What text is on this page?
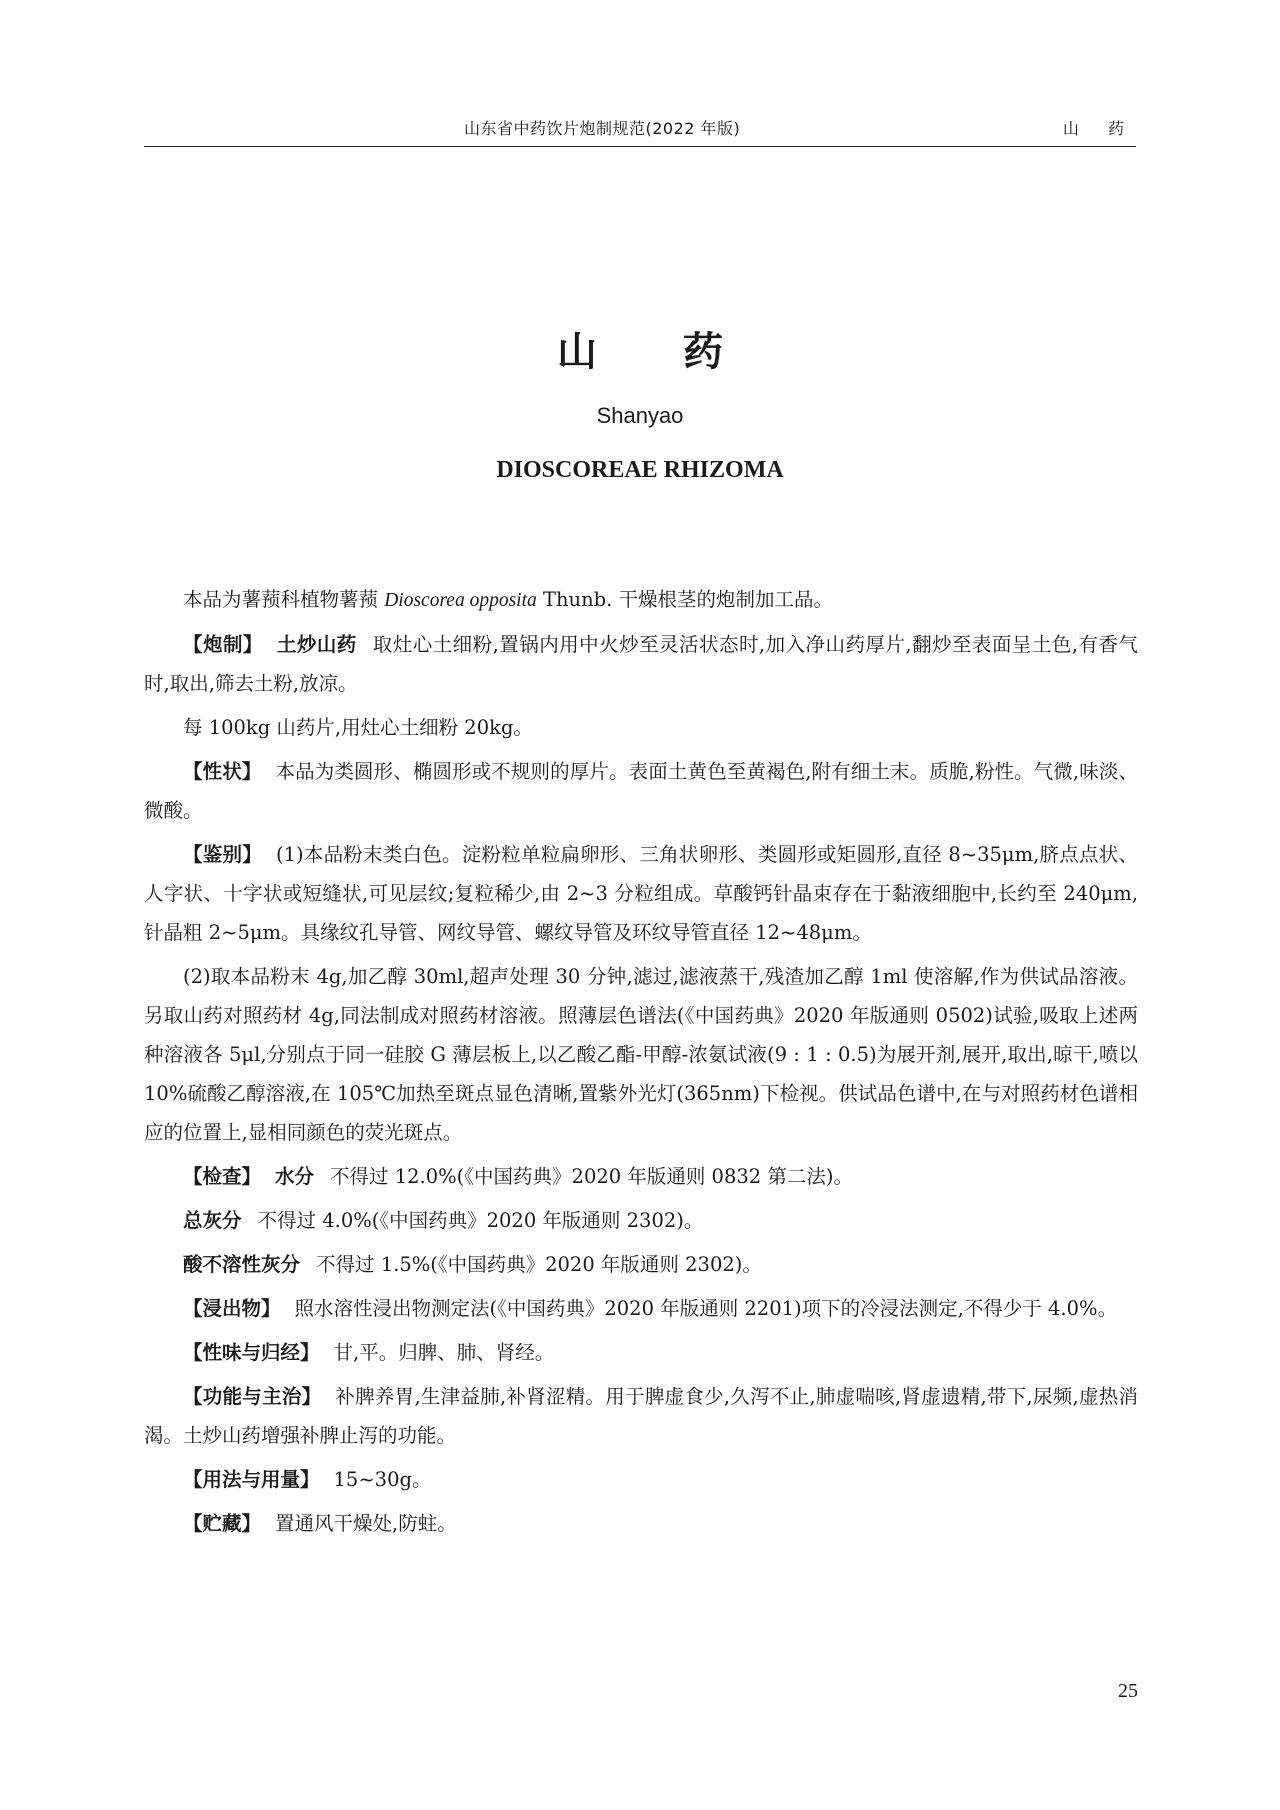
山东省中药饮片炮制规范(2022 年版)	山 药
山 药
Shanyao
DIOSCOREAE RHIZOMA

本品为薯蓣科植物薯蓣 Dioscorea opposita Thunb. 干燥根茎的炮制加工品。

【炮制】 土炒山药 取灶心土细粉,置锅内用中火炒至灵活状态时,加入净山药厚片,翻炒至表面呈土色,有香气时,取出,筛去土粉,放凉。

每 100kg 山药片,用灶心土细粉 20kg。

【性状】 本品为类圆形、椭圆形或不规则的厚片。表面土黄色至黄褐色,附有细土末。质脆,粉性。气微,味淡、微酸。

【鉴别】 (1)本品粉末类白色。淀粉粒单粒扁卵形、三角状卵形、类圆形或矩圆形,直径 8~35μm,脐点点状、人字状、十字状或短缝状,可见层纹;复粒稀少,由 2~3 分粒组成。草酸钙针晶束存在于黏液细胞中,长约至 240μm,针晶粗 2~5μm。具缘纹孔导管、网纹导管、螺纹导管及环纹导管直径 12~48μm。

(2)取本品粉末 4g,加乙醇 30ml,超声处理 30 分钟,滤过,滤液蒸干,残渣加乙醇 1ml 使溶解,作为供试品溶液。另取山药对照药材 4g,同法制成对照药材溶液。照薄层色谱法(《中国药典》2020 年版通则 0502)试验,吸取上述两种溶液各 5μl,分别点于同一硅胶 G 薄层板上,以乙酸乙酯-甲醇-浓氨试液(9 : 1 : 0.5)为展开剂,展开,取出,晾干,喷以 10%硫酸乙醇溶液,在 105℃加热至斑点显色清晰,置紫外光灯(365nm)下检视。供试品色谱中,在与对照药材色谱相应的位置上,显相同颜色的荧光斑点。

【检查】 水分 不得过 12.0%(《中国药典》2020 年版通则 0832 第二法)。

总灰分 不得过 4.0%(《中国药典》2020 年版通则 2302)。

酸不溶性灰分 不得过 1.5%(《中国药典》2020 年版通则 2302)。

【浸出物】 照水溶性浸出物测定法(《中国药典》2020 年版通则 2201)项下的冷浸法测定,不得少于 4.0%。

【性味与归经】 甘,平。归脾、肺、肾经。

【功能与主治】 补脾养胃,生津益肺,补肾涩精。用于脾虚食少,久泻不止,肺虚喘咳,肾虚遗精,带下,尿频,虚热消渴。土炒山药增强补脾止泻的功能。

【用法与用量】 15~30g。

【贮藏】 置通风干燥处,防蛀。

25
